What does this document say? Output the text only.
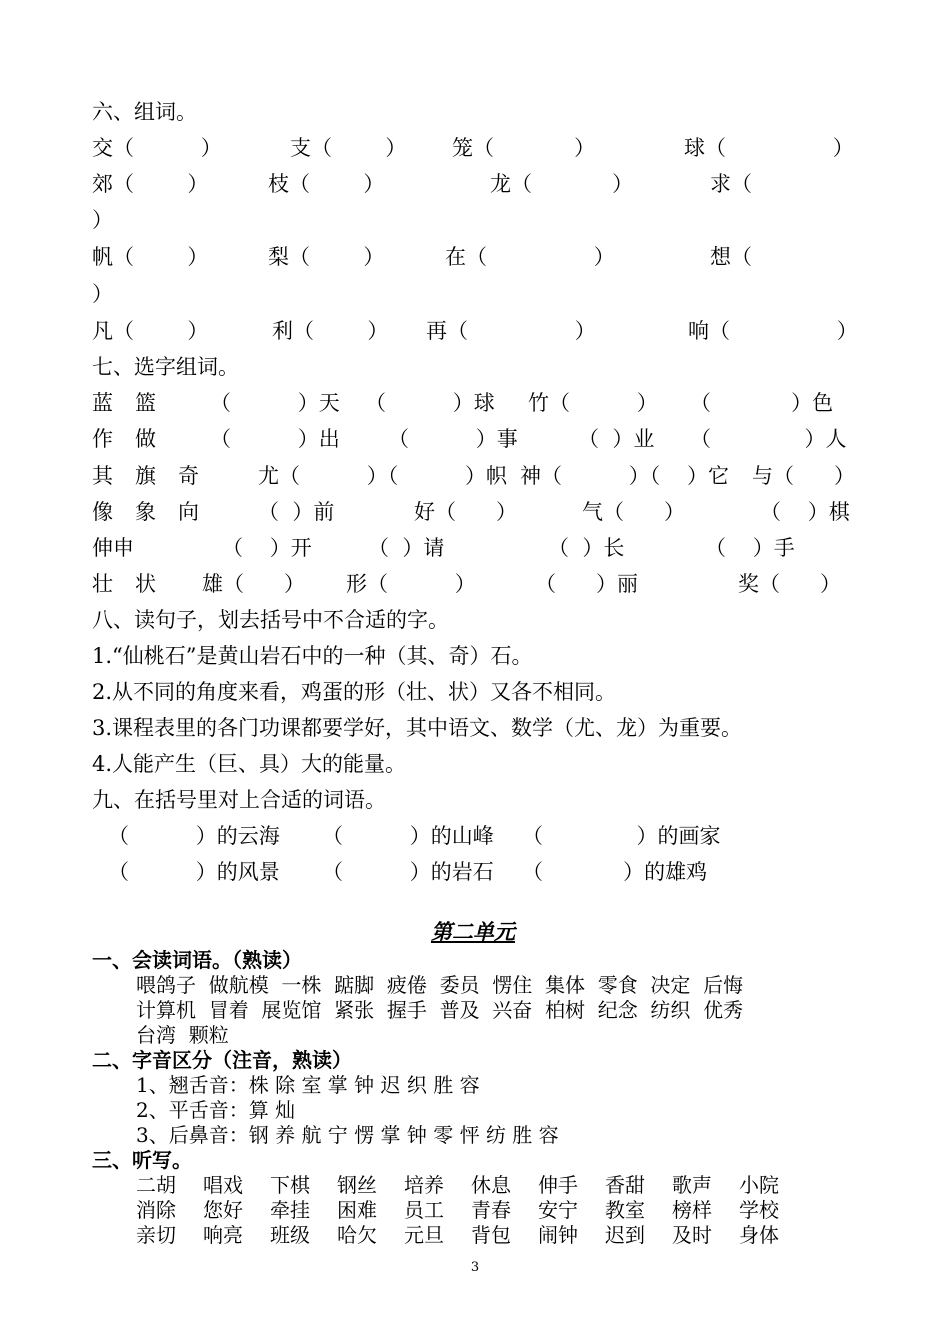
六、组词。
交（          ）	支（        ） 笼（            ）	球（                ）
郊（        ）	枝（        ）	龙（            ）	求（
）
帆（        ）	梨（        ）	在（                ）	想（
）
凡（        ）	利（        ） 再（                ）	响（                ）
七、选字组词。
蓝 篮	（          ）天 （          ）球 竹（          ） （            ）色
作 做	（          ）出 （          ）事	（  ）业 （              ）人
其 旗 奇	尤（          ）（          ）帜 神（          ）（    ）它 与（      ）
像 象 向	（  ）前	好（      ）	气（      ）	（    ）棋
伸申	（    ）开	（  ）请	（  ）长	（    ）手
壮 状 雄（      ） 形（          ）	（      ）丽	奖（      ）
八、读句子，划去括号中不合适的字。
1.“仙桃石”是黄山岩石中的一种（其、奇）石。
2.从不同的角度来看，鸡蛋的形（壮、状）又各不相同。
3.课程表里的各门功课都要学好，其中语文、数学（尤、龙）为重要。
4.人能产生（巨、具）大的能量。
九、在括号里对上合适的词语。
（          ）的云海 （          ）的山峰 （              ）的画家
（          ）的风景 （          ）的岩石 （            ）的雄鸡
第二单元
一、会读词语。（熟读）
喂鸽子  做航模  一株  踮脚  疲倦  委员  愣住  集体  零食  决定  后悔
计算机  冒着  展览馆  紧张  握手  普及  兴奋  柏树  纪念  纺织  优秀
台湾  颗粒
二、字音区分（注音，熟读）
1、翘舌音：株 除 室 掌 钟 迟 织 胜 容
2、平舌音：算 灿
3、后鼻音：钢 养 航 宁 愣 掌 钟 零 怦 纺 胜 容
三、听写。
二胡 唱戏 下棋 钢丝 培养 休息 伸手 香甜 歌声 小院
消除 您好 牵挂 困难 员工 青春 安宁 教室 榜样 学校
亲切 响亮 班级 哈欠 元旦 背包 闹钟 迟到 及时 身体
3
